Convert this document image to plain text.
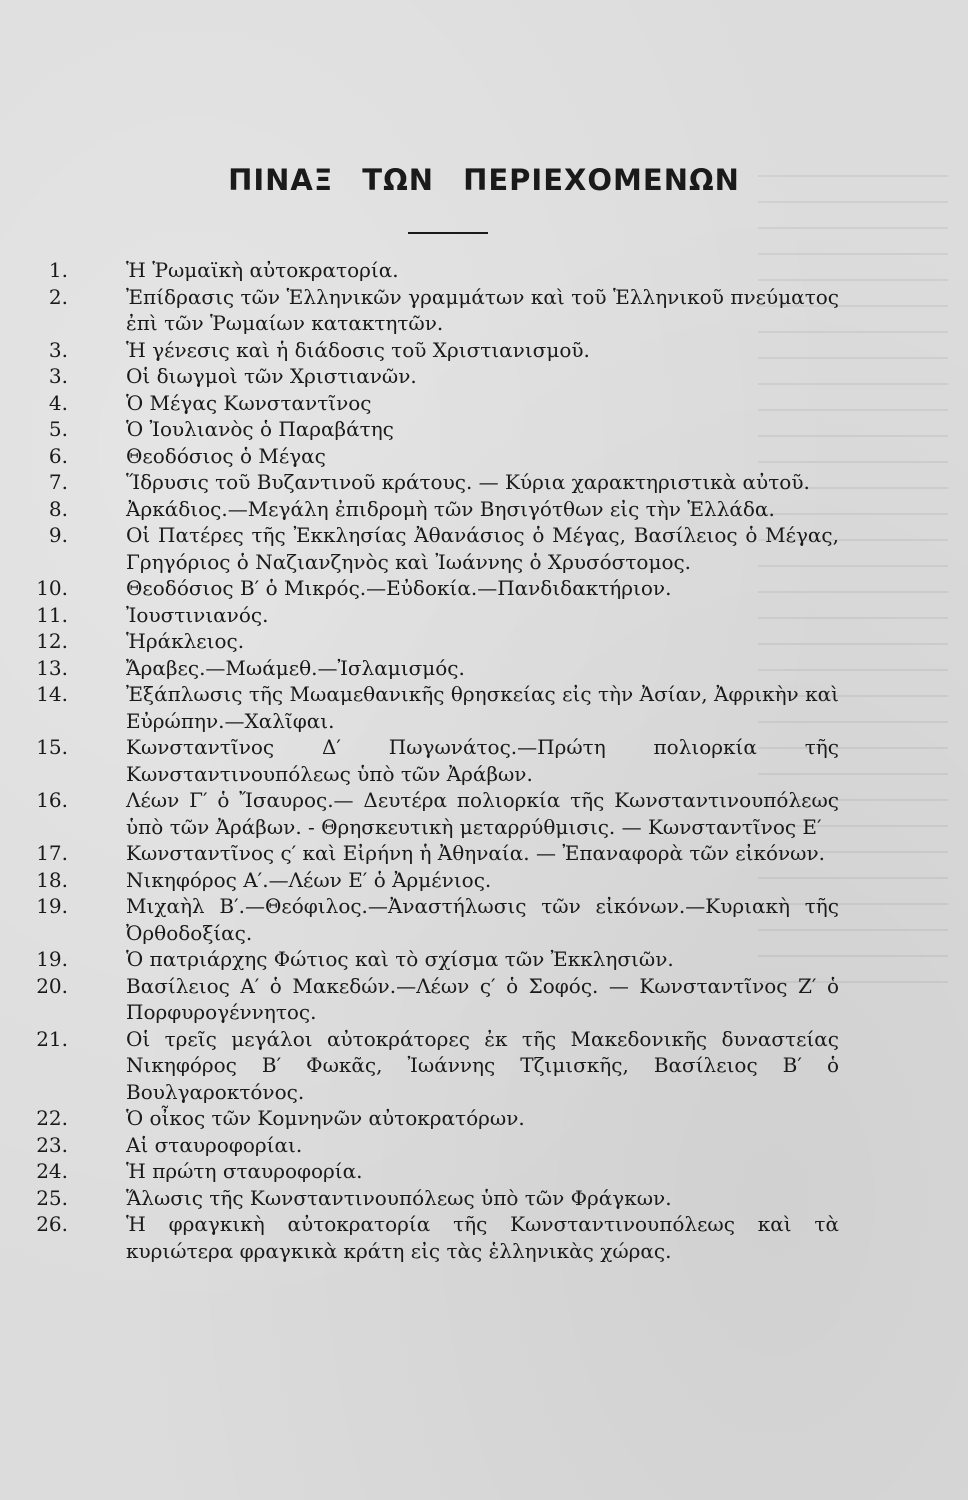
ΠΙΝΑΞ ΤΩΝ ΠΕΡΙΕΧΟΜΕΝΩΝ
1.	Ἡ Ῥωμαϊκὴ αὐτοκρατορία.
2.	Ἐπίδρασις τῶν Ἑλληνικῶν γραμμάτων καὶ τοῦ Ἑλληνικοῦ πνεύματος ἐπὶ τῶν Ῥωμαίων κατακτητῶν.
3.	Ἡ γένεσις καὶ ἡ διάδοσις τοῦ Χριστιανισμοῦ.
3.	Οἱ διωγμοὶ τῶν Χριστιανῶν.
4.	Ὁ Μέγας Κωνσταντῖνος
5.	Ὁ Ἰουλιανὸς ὁ Παραβάτης
6.	Θεοδόσιος ὁ Μέγας
7.	Ἵδρυσις τοῦ Βυζαντινοῦ κράτους. — Κύρια χαρακτηριστικὰ αὐτοῦ.
8.	Ἀρκάδιος.—Μεγάλη ἐπιδρομὴ τῶν Βησιγότθων εἰς τὴν Ἑλλάδα.
9.	Οἱ Πατέρες τῆς Ἐκκλησίας Ἀθανάσιος ὁ Μέγας, Βασίλειος ὁ Μέγας, Γρηγόριος ὁ Ναζιανζηνὸς καὶ Ἰωάννης ὁ Χρυσόστομος.
10.	Θεοδόσιος Β′ ὁ Μικρός.—Εὐδοκία.—Πανδιδακτήριον.
11.	Ἰουστινιανός.
12.	Ἡράκλειος.
13.	Ἄραβες.—Μωάμεθ.—Ἰσλαμισμός.
14.	Ἐξάπλωσις τῆς Μωαμεθανικῆς θρησκείας εἰς τὴν Ἀσίαν, Ἀφρικὴν καὶ Εὐρώπην.—Χαλῖφαι.
15.	Κωνσταντῖνος Δ′ Πωγωνάτος.—Πρώτη πολιορκία τῆς Κωνσταντινουπόλεως ὑπὸ τῶν Ἀράβων.
16.	Λέων Γ′ ὁ Ἴσαυρος.— Δευτέρα πολιορκία τῆς Κωνσταντινουπόλεως ὑπὸ τῶν Ἀράβων. - Θρησκευτικὴ μεταρρύθμισις. — Κωνσταντῖνος Ε′
17.	Κωνσταντῖνος ς′ καὶ Εἰρήνη ἡ Ἀθηναία. — Ἐπαναφορὰ τῶν εἰκόνων.
18.	Νικηφόρος Α′.—Λέων Ε′ ὁ Ἀρμένιος.
19.	Μιχαὴλ Β′.—Θεόφιλος.—Ἀναστήλωσις τῶν εἰκόνων.—Κυριακὴ τῆς Ὀρθοδοξίας.
19.	Ὁ πατριάρχης Φώτιος καὶ τὸ σχίσμα τῶν Ἐκκλησιῶν.
20.	Βασίλειος Α′ ὁ Μακεδών.—Λέων ς′ ὁ Σοφός. — Κωνσταντῖνος Ζ′ ὁ Πορφυρογέννητος.
21.	Οἱ τρεῖς μεγάλοι αὐτοκράτορες ἐκ τῆς Μακεδονικῆς δυναστείας Νικηφόρος Β′ Φωκᾶς, Ἰωάννης Τζιμισκῆς, Βασίλειος Β′ ὁ Βουλγαροκτόνος.
22.	Ὁ οἶκος τῶν Κομνηνῶν αὐτοκρατόρων.
23.	Αἱ σταυροφορίαι.
24.	Ἡ πρώτη σταυροφορία.
25.	Ἅλωσις τῆς Κωνσταντινουπόλεως ὑπὸ τῶν Φράγκων.
26.	Ἡ φραγκικὴ αὐτοκρατορία τῆς Κωνσταντινουπόλεως καὶ τὰ κυριώτερα φραγκικὰ κράτη εἰς τὰς ἑλληνικὰς χώρας.
